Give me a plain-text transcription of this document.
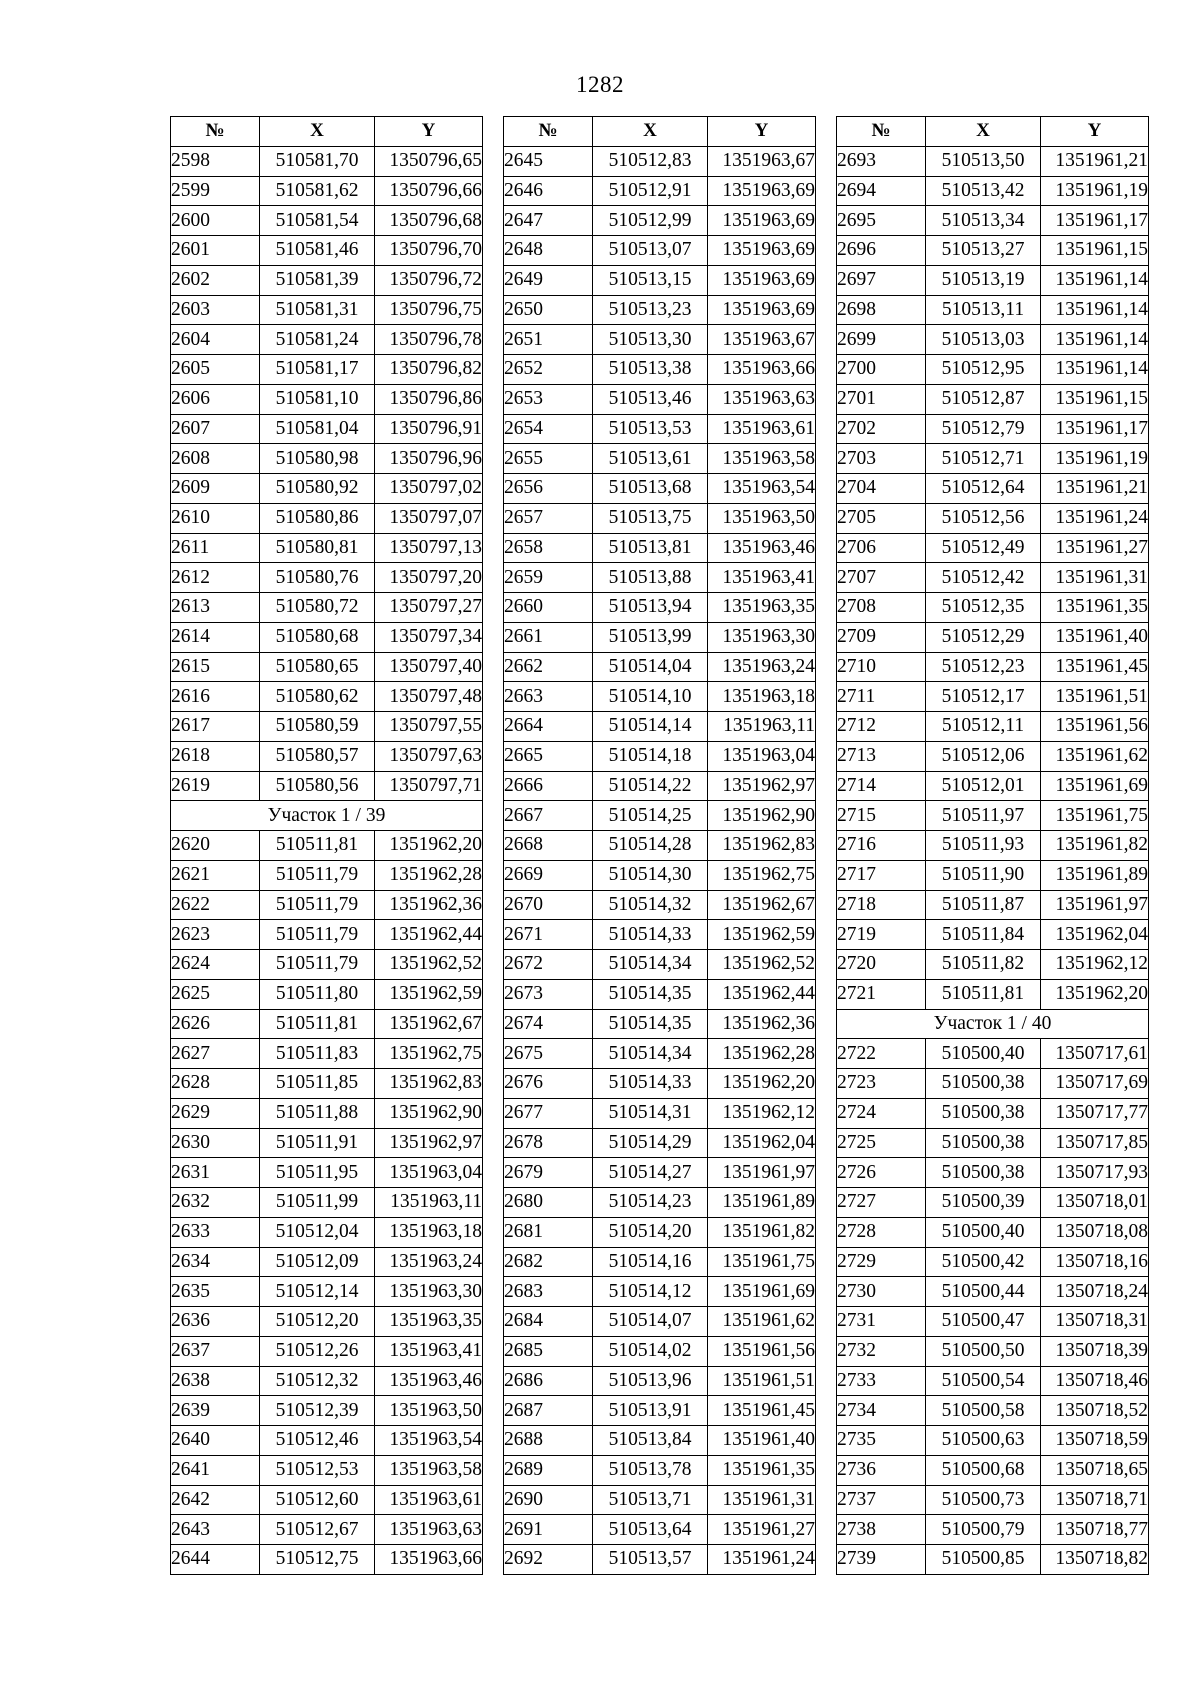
1282
№	X	Y
2598	510581,70	1350796,65
2599	510581,62	1350796,66
2600	510581,54	1350796,68
2601	510581,46	1350796,70
2602	510581,39	1350796,72
2603	510581,31	1350796,75
2604	510581,24	1350796,78
2605	510581,17	1350796,82
2606	510581,10	1350796,86
2607	510581,04	1350796,91
2608	510580,98	1350796,96
2609	510580,92	1350797,02
2610	510580,86	1350797,07
2611	510580,81	1350797,13
2612	510580,76	1350797,20
2613	510580,72	1350797,27
2614	510580,68	1350797,34
2615	510580,65	1350797,40
2616	510580,62	1350797,48
2617	510580,59	1350797,55
2618	510580,57	1350797,63
2619	510580,56	1350797,71
Участок 1 / 39		
2620	510511,81	1351962,20
2621	510511,79	1351962,28
2622	510511,79	1351962,36
2623	510511,79	1351962,44
2624	510511,79	1351962,52
2625	510511,80	1351962,59
2626	510511,81	1351962,67
2627	510511,83	1351962,75
2628	510511,85	1351962,83
2629	510511,88	1351962,90
2630	510511,91	1351962,97
2631	510511,95	1351963,04
2632	510511,99	1351963,11
2633	510512,04	1351963,18
2634	510512,09	1351963,24
2635	510512,14	1351963,30
2636	510512,20	1351963,35
2637	510512,26	1351963,41
2638	510512,32	1351963,46
2639	510512,39	1351963,50
2640	510512,46	1351963,54
2641	510512,53	1351963,58
2642	510512,60	1351963,61
2643	510512,67	1351963,63
2644	510512,75	1351963,66
№	X	Y
2645	510512,83	1351963,67
2646	510512,91	1351963,69
2647	510512,99	1351963,69
2648	510513,07	1351963,69
2649	510513,15	1351963,69
2650	510513,23	1351963,69
2651	510513,30	1351963,67
2652	510513,38	1351963,66
2653	510513,46	1351963,63
2654	510513,53	1351963,61
2655	510513,61	1351963,58
2656	510513,68	1351963,54
2657	510513,75	1351963,50
2658	510513,81	1351963,46
2659	510513,88	1351963,41
2660	510513,94	1351963,35
2661	510513,99	1351963,30
2662	510514,04	1351963,24
2663	510514,10	1351963,18
2664	510514,14	1351963,11
2665	510514,18	1351963,04
2666	510514,22	1351962,97
2667	510514,25	1351962,90
2668	510514,28	1351962,83
2669	510514,30	1351962,75
2670	510514,32	1351962,67
2671	510514,33	1351962,59
2672	510514,34	1351962,52
2673	510514,35	1351962,44
2674	510514,35	1351962,36
2675	510514,34	1351962,28
2676	510514,33	1351962,20
2677	510514,31	1351962,12
2678	510514,29	1351962,04
2679	510514,27	1351961,97
2680	510514,23	1351961,89
2681	510514,20	1351961,82
2682	510514,16	1351961,75
2683	510514,12	1351961,69
2684	510514,07	1351961,62
2685	510514,02	1351961,56
2686	510513,96	1351961,51
2687	510513,91	1351961,45
2688	510513,84	1351961,40
2689	510513,78	1351961,35
2690	510513,71	1351961,31
2691	510513,64	1351961,27
2692	510513,57	1351961,24
№	X	Y
2693	510513,50	1351961,21
2694	510513,42	1351961,19
2695	510513,34	1351961,17
2696	510513,27	1351961,15
2697	510513,19	1351961,14
2698	510513,11	1351961,14
2699	510513,03	1351961,14
2700	510512,95	1351961,14
2701	510512,87	1351961,15
2702	510512,79	1351961,17
2703	510512,71	1351961,19
2704	510512,64	1351961,21
2705	510512,56	1351961,24
2706	510512,49	1351961,27
2707	510512,42	1351961,31
2708	510512,35	1351961,35
2709	510512,29	1351961,40
2710	510512,23	1351961,45
2711	510512,17	1351961,51
2712	510512,11	1351961,56
2713	510512,06	1351961,62
2714	510512,01	1351961,69
2715	510511,97	1351961,75
2716	510511,93	1351961,82
2717	510511,90	1351961,89
2718	510511,87	1351961,97
2719	510511,84	1351962,04
2720	510511,82	1351962,12
2721	510511,81	1351962,20
Участок 1 / 40		
2722	510500,40	1350717,61
2723	510500,38	1350717,69
2724	510500,38	1350717,77
2725	510500,38	1350717,85
2726	510500,38	1350717,93
2727	510500,39	1350718,01
2728	510500,40	1350718,08
2729	510500,42	1350718,16
2730	510500,44	1350718,24
2731	510500,47	1350718,31
2732	510500,50	1350718,39
2733	510500,54	1350718,46
2734	510500,58	1350718,52
2735	510500,63	1350718,59
2736	510500,68	1350718,65
2737	510500,73	1350718,71
2738	510500,79	1350718,77
2739	510500,85	1350718,82
